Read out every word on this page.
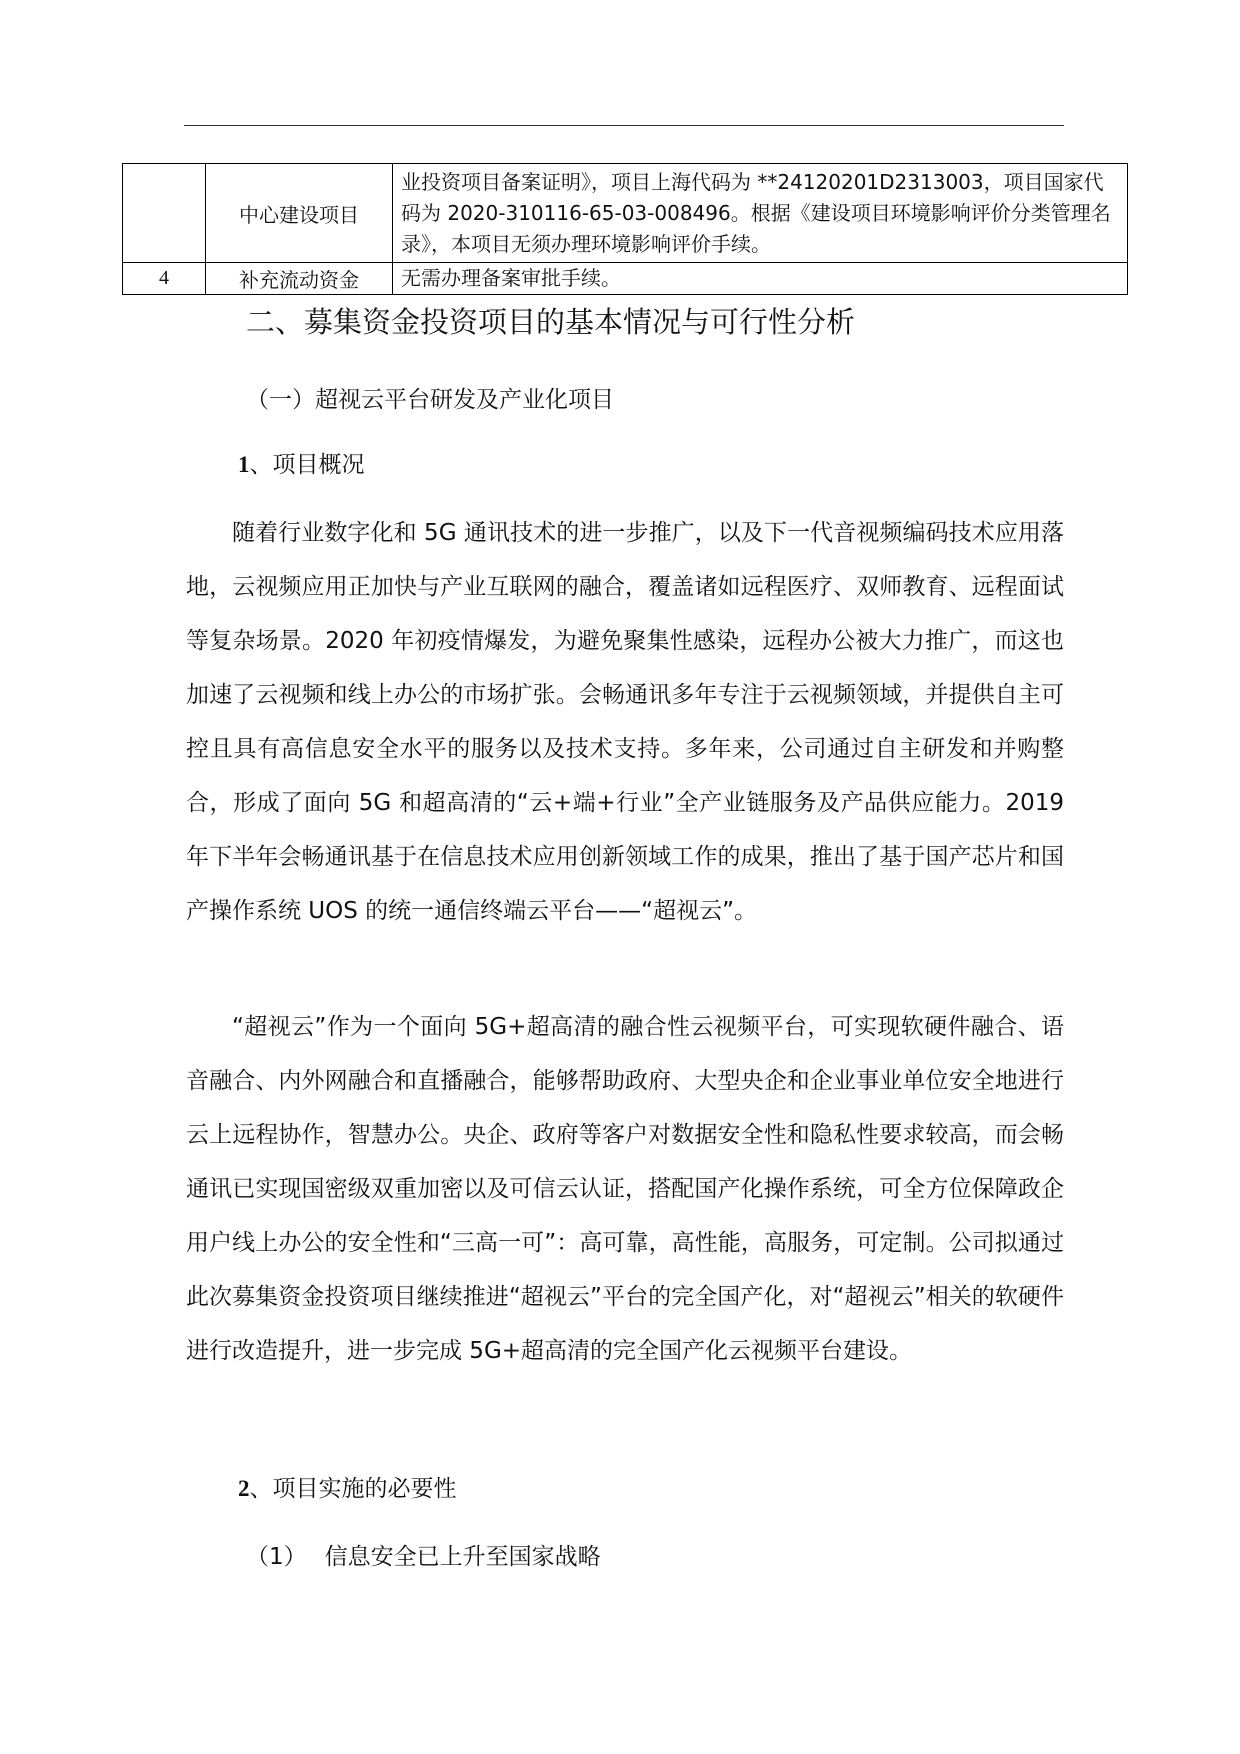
	中心建设项目	业投资项目备案证明》，项目上海代码为 **24120201D2313003，项目国家代码为 2020-310116-65-03-008496。根据《建设项目环境影响评价分类管理名录》，本项目无须办理环境影响评价手续。
4	补充流动资金	无需办理备案审批手续。
二、募集资金投资项目的基本情况与可行性分析
（一）超视云平台研发及产业化项目
1、项目概况

随着行业数字化和 5G 通讯技术的进一步推广，以及下一代音视频编码技术应用落地，云视频应用正加快与产业互联网的融合，覆盖诸如远程医疗、双师教育、远程面试等复杂场景。2020 年初疫情爆发，为避免聚集性感染，远程办公被大力推广，而这也加速了云视频和线上办公的市场扩张。会畅通讯多年专注于云视频领域，并提供自主可控且具有高信息安全水平的服务以及技术支持。多年来，公司通过自主研发和并购整合，形成了面向 5G 和超高清的“云+端+行业”全产业链服务及产品供应能力。2019 年下半年会畅通讯基于在信息技术应用创新领域工作的成果，推出了基于国产芯片和国产操作系统 UOS 的统一通信终端云平台——“超视云”。

“超视云”作为一个面向 5G+超高清的融合性云视频平台，可实现软硬件融合、语音融合、内外网融合和直播融合，能够帮助政府、大型央企和企业事业单位安全地进行云上远程协作，智慧办公。央企、政府等客户对数据安全性和隐私性要求较高，而会畅通讯已实现国密级双重加密以及可信云认证，搭配国产化操作系统，可全方位保障政企用户线上办公的安全性和“三高一可”：高可靠，高性能，高服务，可定制。公司拟通过此次募集资金投资项目继续推进“超视云”平台的完全国产化，对“超视云”相关的软硬件进行改造提升，进一步完成 5G+超高清的完全国产化云视频平台建设。

2、项目实施的必要性
（1） 信息安全已上升至国家战略
